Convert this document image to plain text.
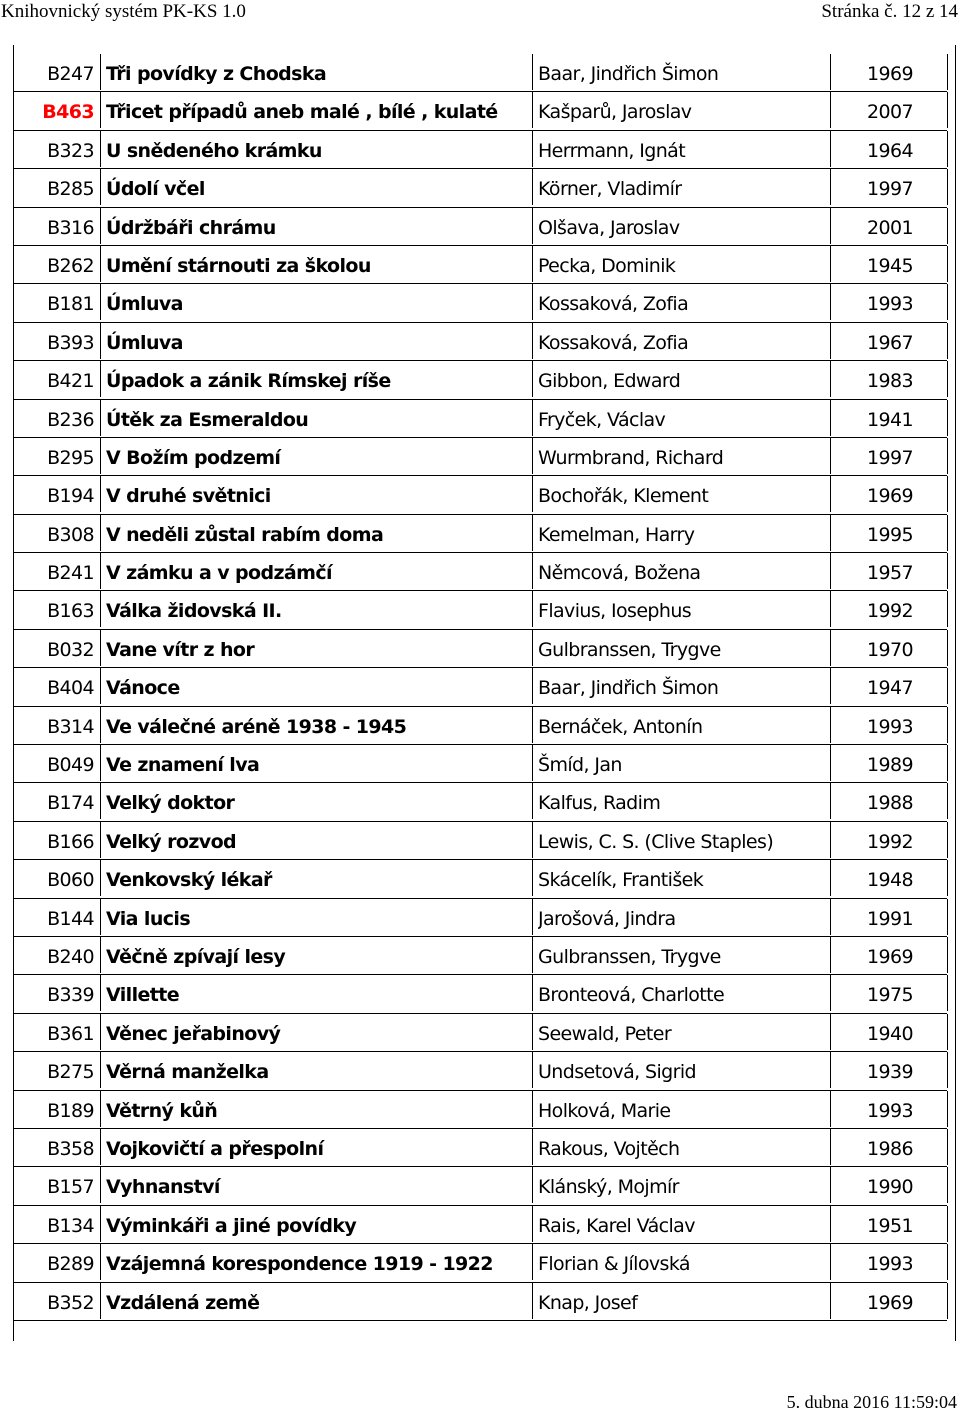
Knihovnický systém PK-KS 1.0	Stránka č. 12 z 14
B247 Tři povídky z Chodska	Baar, Jindřich Šimon	1969
B463 Třicet případů aneb malé , bílé , kulaté	Kašparů, Jaroslav	2007
B323 U snědeného krámku	Herrmann, Ignát	1964
B285 Údolí včel	Körner, Vladimír	1997
B316 Údržbáři chrámu	Olšava, Jaroslav	2001
B262 Umění stárnouti za školou	Pecka, Dominik	1945
B181 Úmluva	Kossaková, Zofia	1993
B393 Úmluva	Kossaková, Zofia	1967
B421 Úpadok a zánik Rímskej ríše	Gibbon, Edward	1983
B236 Útěk za Esmeraldou	Fryček, Václav	1941
B295 V Božím podzemí	Wurmbrand, Richard	1997
B194 V druhé světnici	Bochořák, Klement	1969
B308 V neděli zůstal rabím doma	Kemelman, Harry	1995
B241 V zámku a v podzámčí	Němcová, Božena	1957
B163 Válka židovská II.	Flavius, Iosephus	1992
B032 Vane vítr z hor	Gulbranssen, Trygve	1970
B404 Vánoce	Baar, Jindřich Šimon	1947
B314 Ve válečné aréně 1938 - 1945	Bernáček, Antonín	1993
B049 Ve znamení lva	Šmíd, Jan	1989
B174 Velký doktor	Kalfus, Radim	1988
B166 Velký rozvod	Lewis, C. S. (Clive Staples)	1992
B060 Venkovský lékař	Skácelík, František	1948
B144 Via lucis	Jarošová, Jindra	1991
B240 Věčně zpívají lesy	Gulbranssen, Trygve	1969
B339 Villette	Bronteová, Charlotte	1975
B361 Věnec jeřabinový	Seewald, Peter	1940
B275 Věrná manželka	Undsetová, Sigrid	1939
B189 Větrný kůň	Holková, Marie	1993
B358 Vojkovičtí a přespolní	Rakous, Vojtěch	1986
B157 Vyhnanství	Klánský, Mojmír	1990
B134 Výminkáři a jiné povídky	Rais, Karel Václav	1951
B289 Vzájemná korespondence 1919 - 1922	Florian & Jílovská	1993
B352 Vzdálená země	Knap, Josef	1969
5. dubna 2016 11:59:04
